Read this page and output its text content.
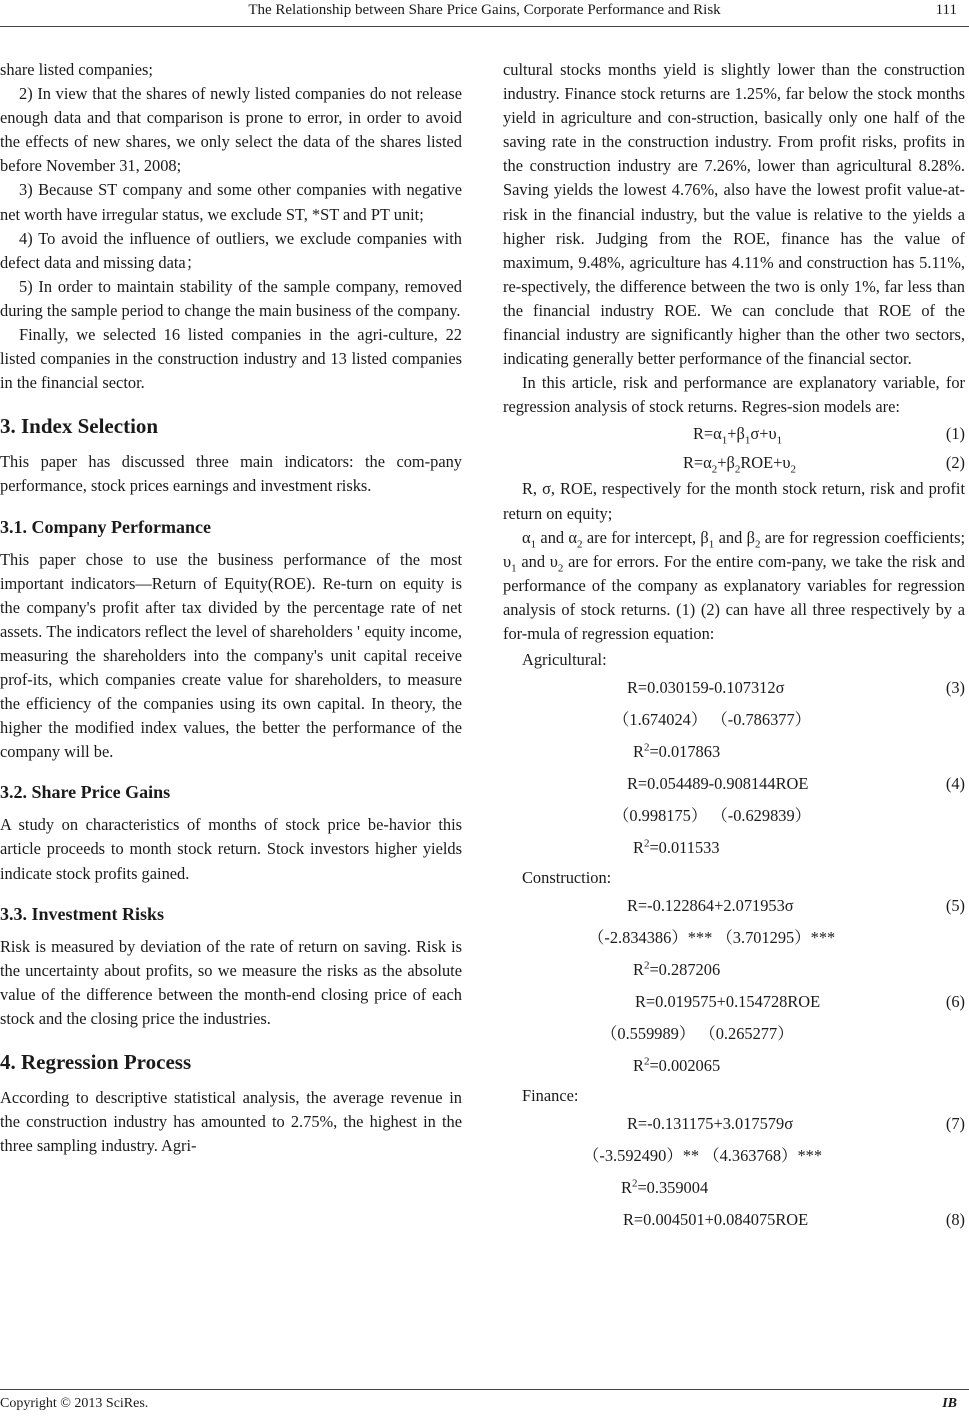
The Relationship between Share Price Gains, Corporate Performance and Risk	111

share listed companies;

2) In view that the shares of newly listed companies do not release enough data and that comparison is prone to error, in order to avoid the effects of new shares, we only select the data of the shares listed before November 31, 2008;

3) Because ST company and some other companies with negative net worth have irregular status, we exclude ST, *ST and PT unit;

4) To avoid the influence of outliers, we exclude companies with defect data and missing data；

5) In order to maintain stability of the sample company, removed during the sample period to change the main business of the company.

Finally, we selected 16 listed companies in the agri-culture, 22 listed companies in the construction industry and 13 listed companies in the financial sector.

3. Index Selection

This paper has discussed three main indicators: the com-pany performance, stock prices earnings and investment risks.

3.1. Company Performance

This paper chose to use the business performance of the most important indicators—Return of Equity(ROE). Re-turn on equity is the company's profit after tax divided by the percentage rate of net assets. The indicators reflect the level of shareholders ' equity income, measuring the shareholders into the company's unit capital receive prof-its, which companies create value for shareholders, to measure the efficiency of the companies using its own capital. In theory, the higher the modified index values, the better the performance of the company will be.

3.2. Share Price Gains

A study on characteristics of months of stock price be-havior this article proceeds to month stock return. Stock investors higher yields indicate stock profits gained.

3.3. Investment Risks

Risk is measured by deviation of the rate of return on saving. Risk is the uncertainty about profits, so we measure the risks as the absolute value of the difference between the month-end closing price of each stock and the closing price the industries.

4. Regression Process

According to descriptive statistical analysis, the average revenue in the construction industry has amounted to 2.75%, the highest in the three sampling industry. Agri-

cultural stocks months yield is slightly lower than the construction industry. Finance stock returns are 1.25%, far below the stock months yield in agriculture and con-struction, basically only one half of the saving rate in the construction industry. From profit risks, profits in the construction industry are 7.26%, lower than agricultural 8.28%. Saving yields the lowest 4.76%, also have the lowest profit value-at-risk in the financial industry, but the value is relative to the yields a higher risk. Judging from the ROE, finance has the value of maximum, 9.48%, agriculture has 4.11% and construction has 5.11%, re-spectively, the difference between the two is only 1%, far less than the financial industry ROE. We can conclude that ROE of the financial industry are significantly higher than the other two sectors, indicating generally better performance of the financial sector.

In this article, risk and performance are explanatory variable, for regression analysis of stock returns. Regres-sion models are:

$R=\alpha_1+\beta_1\sigma+\upsilon_1$	(1)
$R=\alpha_2+\beta_2ROE+\upsilon_2$	(2)

R, σ, ROE, respectively for the month stock return, risk and profit return on equity;

$\alpha_1$ and $\alpha_2$ are for intercept, $\beta_1$ and $\beta_2$ are for regression coefficients; $\upsilon_1$ and $\upsilon_2$ are for errors. For the entire com-pany, we take the risk and performance of the company as explanatory variables for regression analysis of stock returns. (1) (2) can have all three respectively by a for-mula of regression equation:

Agricultural:

R=0.030159-0.107312σ	(3)
（1.674024） （-0.786377）
$R^2=0.017863$
R=0.054489-0.908144ROE	(4)
（0.998175） （-0.629839）
$R^2=0.011533$

Construction:

R=-0.122864+2.071953σ	(5)
（-2.834386）*** （3.701295）***
$R^2=0.287206$
R=0.019575+0.154728ROE	(6)
（0.559989） （0.265277）
$R^2=0.002065$

Finance:

R=-0.131175+3.017579σ	(7)
（-3.592490）** （4.363768）***
$R^2=0.359004$
R=0.004501+0.084075ROE	(8)
Copyright © 2013 SciRes.	IB
